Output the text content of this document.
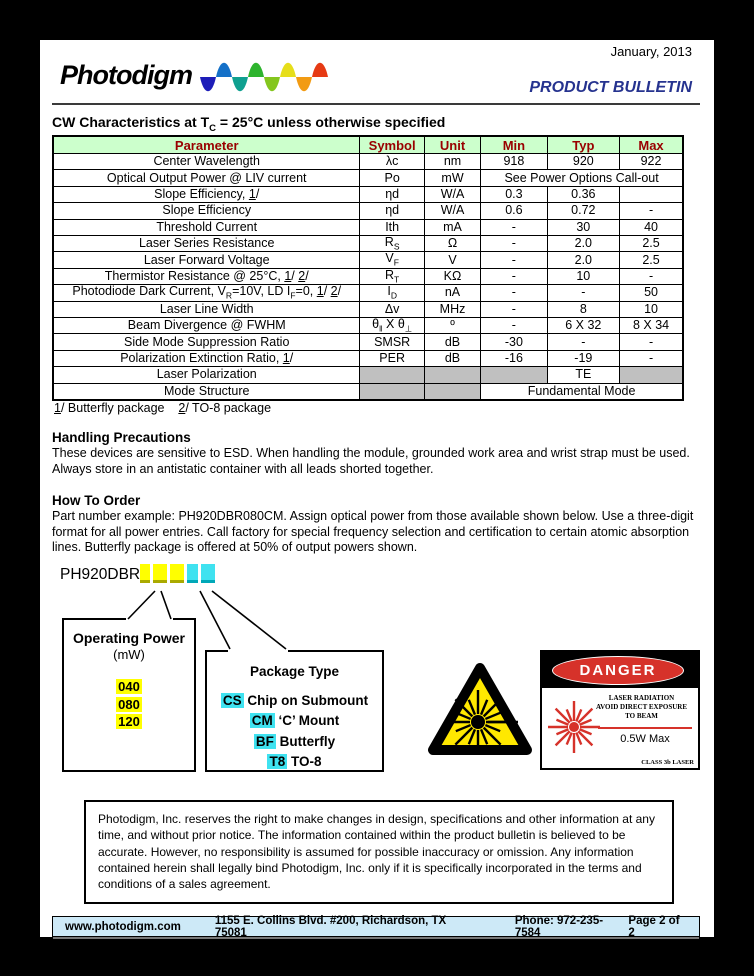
January, 2013
Photodigm	PRODUCT BULLETIN
CW Characteristics at $T_C = 25^\circ C$ unless otherwise specified
Parameter	Symbol	Unit	Min	Typ	Max
Center Wavelength	λc	nm	918	920	922
Optical Output Power @ LIV current	Po	mW	See Power Options Call-out		
Slope Efficiency, 1/	ηd	W/A	0.3	0.36	
Slope Efficiency	ηd	W/A	0.6	0.72	-
Threshold Current	Ith	mA	-	30	40
Laser Series Resistance	$R_S$	Ω	-	2.0	2.5
Laser Forward Voltage	$V_F$	V	-	2.0	2.5
Thermistor Resistance @ 25°C, 1/ 2/	$R_T$	KΩ	-	10	-
Photodiode Dark Current, $V_R=10V$, LD $I_F=0$, 1/ 2/	$I_D$	nA	-	-	50
Laser Line Width	Δv	MHz	-	8	10
Beam Divergence @ FWHM	$\theta_‖$ X $\theta_\perp$	º	-	6 X 32	8 X 34
Side Mode Suppression Ratio	SMSR	dB	-30	-	-
Polarization Extinction Ratio, 1/	PER	dB	-16	-19	-
Laser Polarization				TE	
Mode Structure			Fundamental Mode		
1/ Butterfly package    2/ TO-8 package
Handling Precautions

These devices are sensitive to ESD. When handling the module, grounded work area and wrist strap must be used. Always store in an antistatic container with all leads shorted together.

How To Order

Part number example: PH920DBR080CM. Assign optical power from those available shown below. Use a three-digit format for all power entries. Call factory for special frequency selection and certification to certain atomic absorption lines. Butterfly package is offered at 50% of output powers shown.

PH920DBR
Operating Power
(mW)
040
080
120
Package Type
CS Chip on Submount
CM ‘C’ Mount
BF Butterfly
T8 TO-8
DANGER
LASER RADIATION
AVOID DIRECT EXPOSURE
TO BEAM
0.5W Max
CLASS 3b LASER

Photodigm, Inc. reserves the right to make changes in design, specifications and other information at any time, and without prior notice. The information contained within the product bulletin is believed to be accurate. However, no responsibility is assumed for possible inaccuracy or omission. Any information contained herein shall legally bind Photodigm, Inc. only if it is specifically incorporated in the terms and conditions of a sales agreement.

www.photodigm.com	1155 E. Collins Blvd. #200, Richardson, TX 75081
Phone: 972-235-7584
Page 2 of 2
